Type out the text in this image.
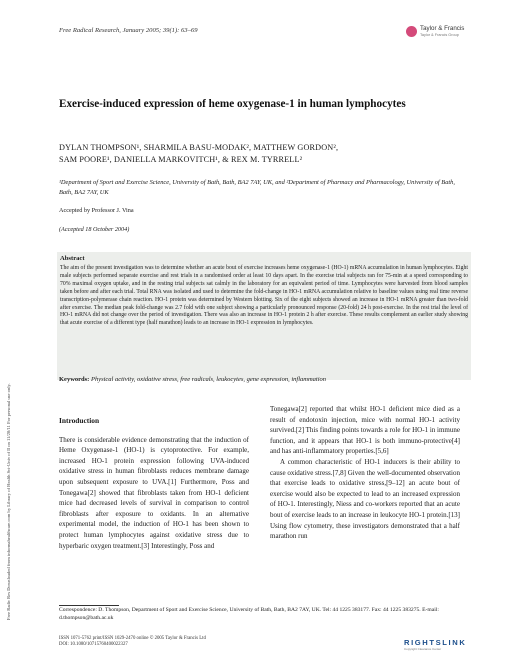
Free Radic Res Downloaded from informahealthcare.com by Library of Health Sci-Univ of Il on 11/28/11 For personal use only.
Free Radical Research, January 2005; 39(1): 63–69	Taylor & Francis
Taylor & Francis Group
Exercise-induced expression of heme oxygenase-1 in human lymphocytes
DYLAN THOMPSON¹, SHARMILA BASU-MODAK², MATTHEW GORDON²,
SAM POORE¹, DANIELLA MARKOVITCH¹, & REX M. TYRRELL²
¹Department of Sport and Exercise Science, University of Bath, Bath, BA2 7AY, UK, and ²Department of Pharmacy and Pharmacology, University of Bath, Bath, BA2 7AY, UK
Accepted by Professor J. Vina
(Accepted 18 October 2004)
Abstract
The aim of the present investigation was to determine whether an acute bout of exercise increases heme oxygenase-1 (HO-1) mRNA accumulation in human lymphocytes. Eight male subjects performed separate exercise and rest trials in a randomised order at least 10 days apart. In the exercise trial subjects ran for 75-min at a speed corresponding to 70% maximal oxygen uptake, and in the resting trial subjects sat calmly in the laboratory for an equivalent period of time. Lymphocytes were harvested from blood samples taken before and after each trial. Total RNA was isolated and used to determine the fold-change in HO-1 mRNA accumulation relative to baseline values using real time reverse transcription-polymerase chain reaction. HO-1 protein was determined by Western blotting. Six of the eight subjects showed an increase in HO-1 mRNA greater than two-fold after exercise. The median peak fold-change was 2.7 fold with one subject showing a particularly pronounced response (20-fold) 24 h post-exercise. In the rest trial the level of HO-1 mRNA did not change over the period of investigation. There was also an increase in HO-1 protein 2 h after exercise. These results complement an earlier study showing that acute exercise of a different type (half marathon) leads to an increase in HO-1 expression in lymphocytes.
Keywords: Physical activity, oxidative stress, free radicals, leukocytes, gene expression, inflammation
Introduction

There is considerable evidence demonstrating that the induction of Heme Oxygenase-1 (HO-1) is cytoprotective. For example, increased HO-1 protein expression following UVA-induced oxidative stress in human fibroblasts reduces membrane damage upon subsequent exposure to UVA.[1] Furthermore, Poss and Tonegawa[2] showed that fibroblasts taken from HO-1 deficient mice had decreased levels of survival in comparison to control fibroblasts after exposure to oxidants. In an alternative experimental model, the induction of HO-1 has been shown to protect human lymphocytes against oxidative stress due to hyperbaric oxygen treatment.[3] Interestingly, Poss and

Tonegawa[2] reported that whilst HO-1 deficient mice died as a result of endotoxin injection, mice with normal HO-1 activity survived.[2] This finding points towards a role for HO-1 in immune function, and it appears that HO-1 is both immuno-protective[4] and has anti-inflammatory properties.[5,6]

A common characteristic of HO-1 inducers is their ability to cause oxidative stress.[7,8] Given the well-documented observation that exercise leads to oxidative stress,[9–12] an acute bout of exercise would also be expected to lead to an increased expression of HO-1. Interestingly, Niess and co-workers reported that an acute bout of exercise leads to an increase in leukocyte HO-1 protein.[13] Using flow cytometry, these investigators demonstrated that a half marathon run

Correspondence: D. Thompson, Department of Sport and Exercise Science, University of Bath, Bath, BA2 7AY, UK. Tel: 44 1225 383177. Fax: 44 1225 383275. E-mail: d.thompson@bath.ac.uk
ISSN 1071-5762 print/ISSN 1029-2470 online © 2005 Taylor & Francis Ltd
DOI: 10.1080/10715760400022327	RIGHTSLINK
Copyright Clearance Center
